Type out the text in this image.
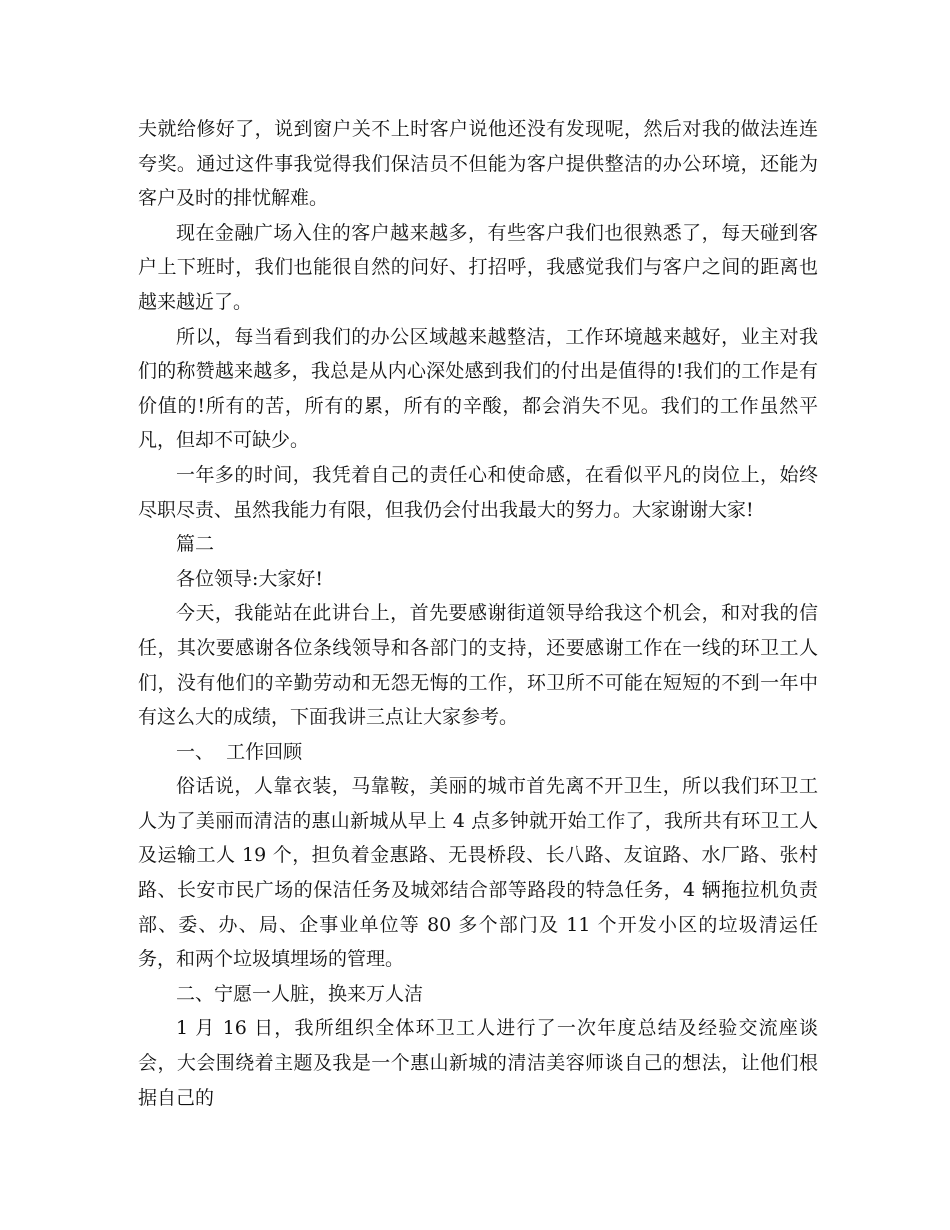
夫就给修好了，说到窗户关不上时客户说他还没有发现呢，然后对我的做法连连夸奖。通过这件事我觉得我们保洁员不但能为客户提供整洁的办公环境，还能为客户及时的排忧解难。

现在金融广场入住的客户越来越多，有些客户我们也很熟悉了，每天碰到客户上下班时，我们也能很自然的问好、打招呼，我感觉我们与客户之间的距离也越来越近了。

所以，每当看到我们的办公区域越来越整洁，工作环境越来越好，业主对我们的称赞越来越多，我总是从内心深处感到我们的付出是值得的!我们的工作是有价值的!所有的苦，所有的累，所有的辛酸，都会消失不见。我们的工作虽然平凡，但却不可缺少。

一年多的时间，我凭着自己的责任心和使命感，在看似平凡的岗位上，始终尽职尽责、虽然我能力有限，但我仍会付出我最大的努力。大家谢谢大家!

篇二

各位领导:大家好!

今天，我能站在此讲台上，首先要感谢街道领导给我这个机会，和对我的信任，其次要感谢各位条线领导和各部门的支持，还要感谢工作在一线的环卫工人们，没有他们的辛勤劳动和无怨无悔的工作，环卫所不可能在短短的不到一年中有这么大的成绩，下面我讲三点让大家参考。

一、  工作回顾

俗话说，人靠衣装，马靠鞍，美丽的城市首先离不开卫生，所以我们环卫工人为了美丽而清洁的惠山新城从早上 4 点多钟就开始工作了，我所共有环卫工人及运输工人 19 个，担负着金惠路、无畏桥段、长八路、友谊路、水厂路、张村路、长安市民广场的保洁任务及城郊结合部等路段的特急任务，4 辆拖拉机负责部、委、办、局、企事业单位等 80 多个部门及 11 个开发小区的垃圾清运任务，和两个垃圾填埋场的管理。

二、宁愿一人脏，换来万人洁

1 月 16 日，我所组织全体环卫工人进行了一次年度总结及经验交流座谈会，大会围绕着主题及我是一个惠山新城的清洁美容师谈自己的想法，让他们根据自己的
